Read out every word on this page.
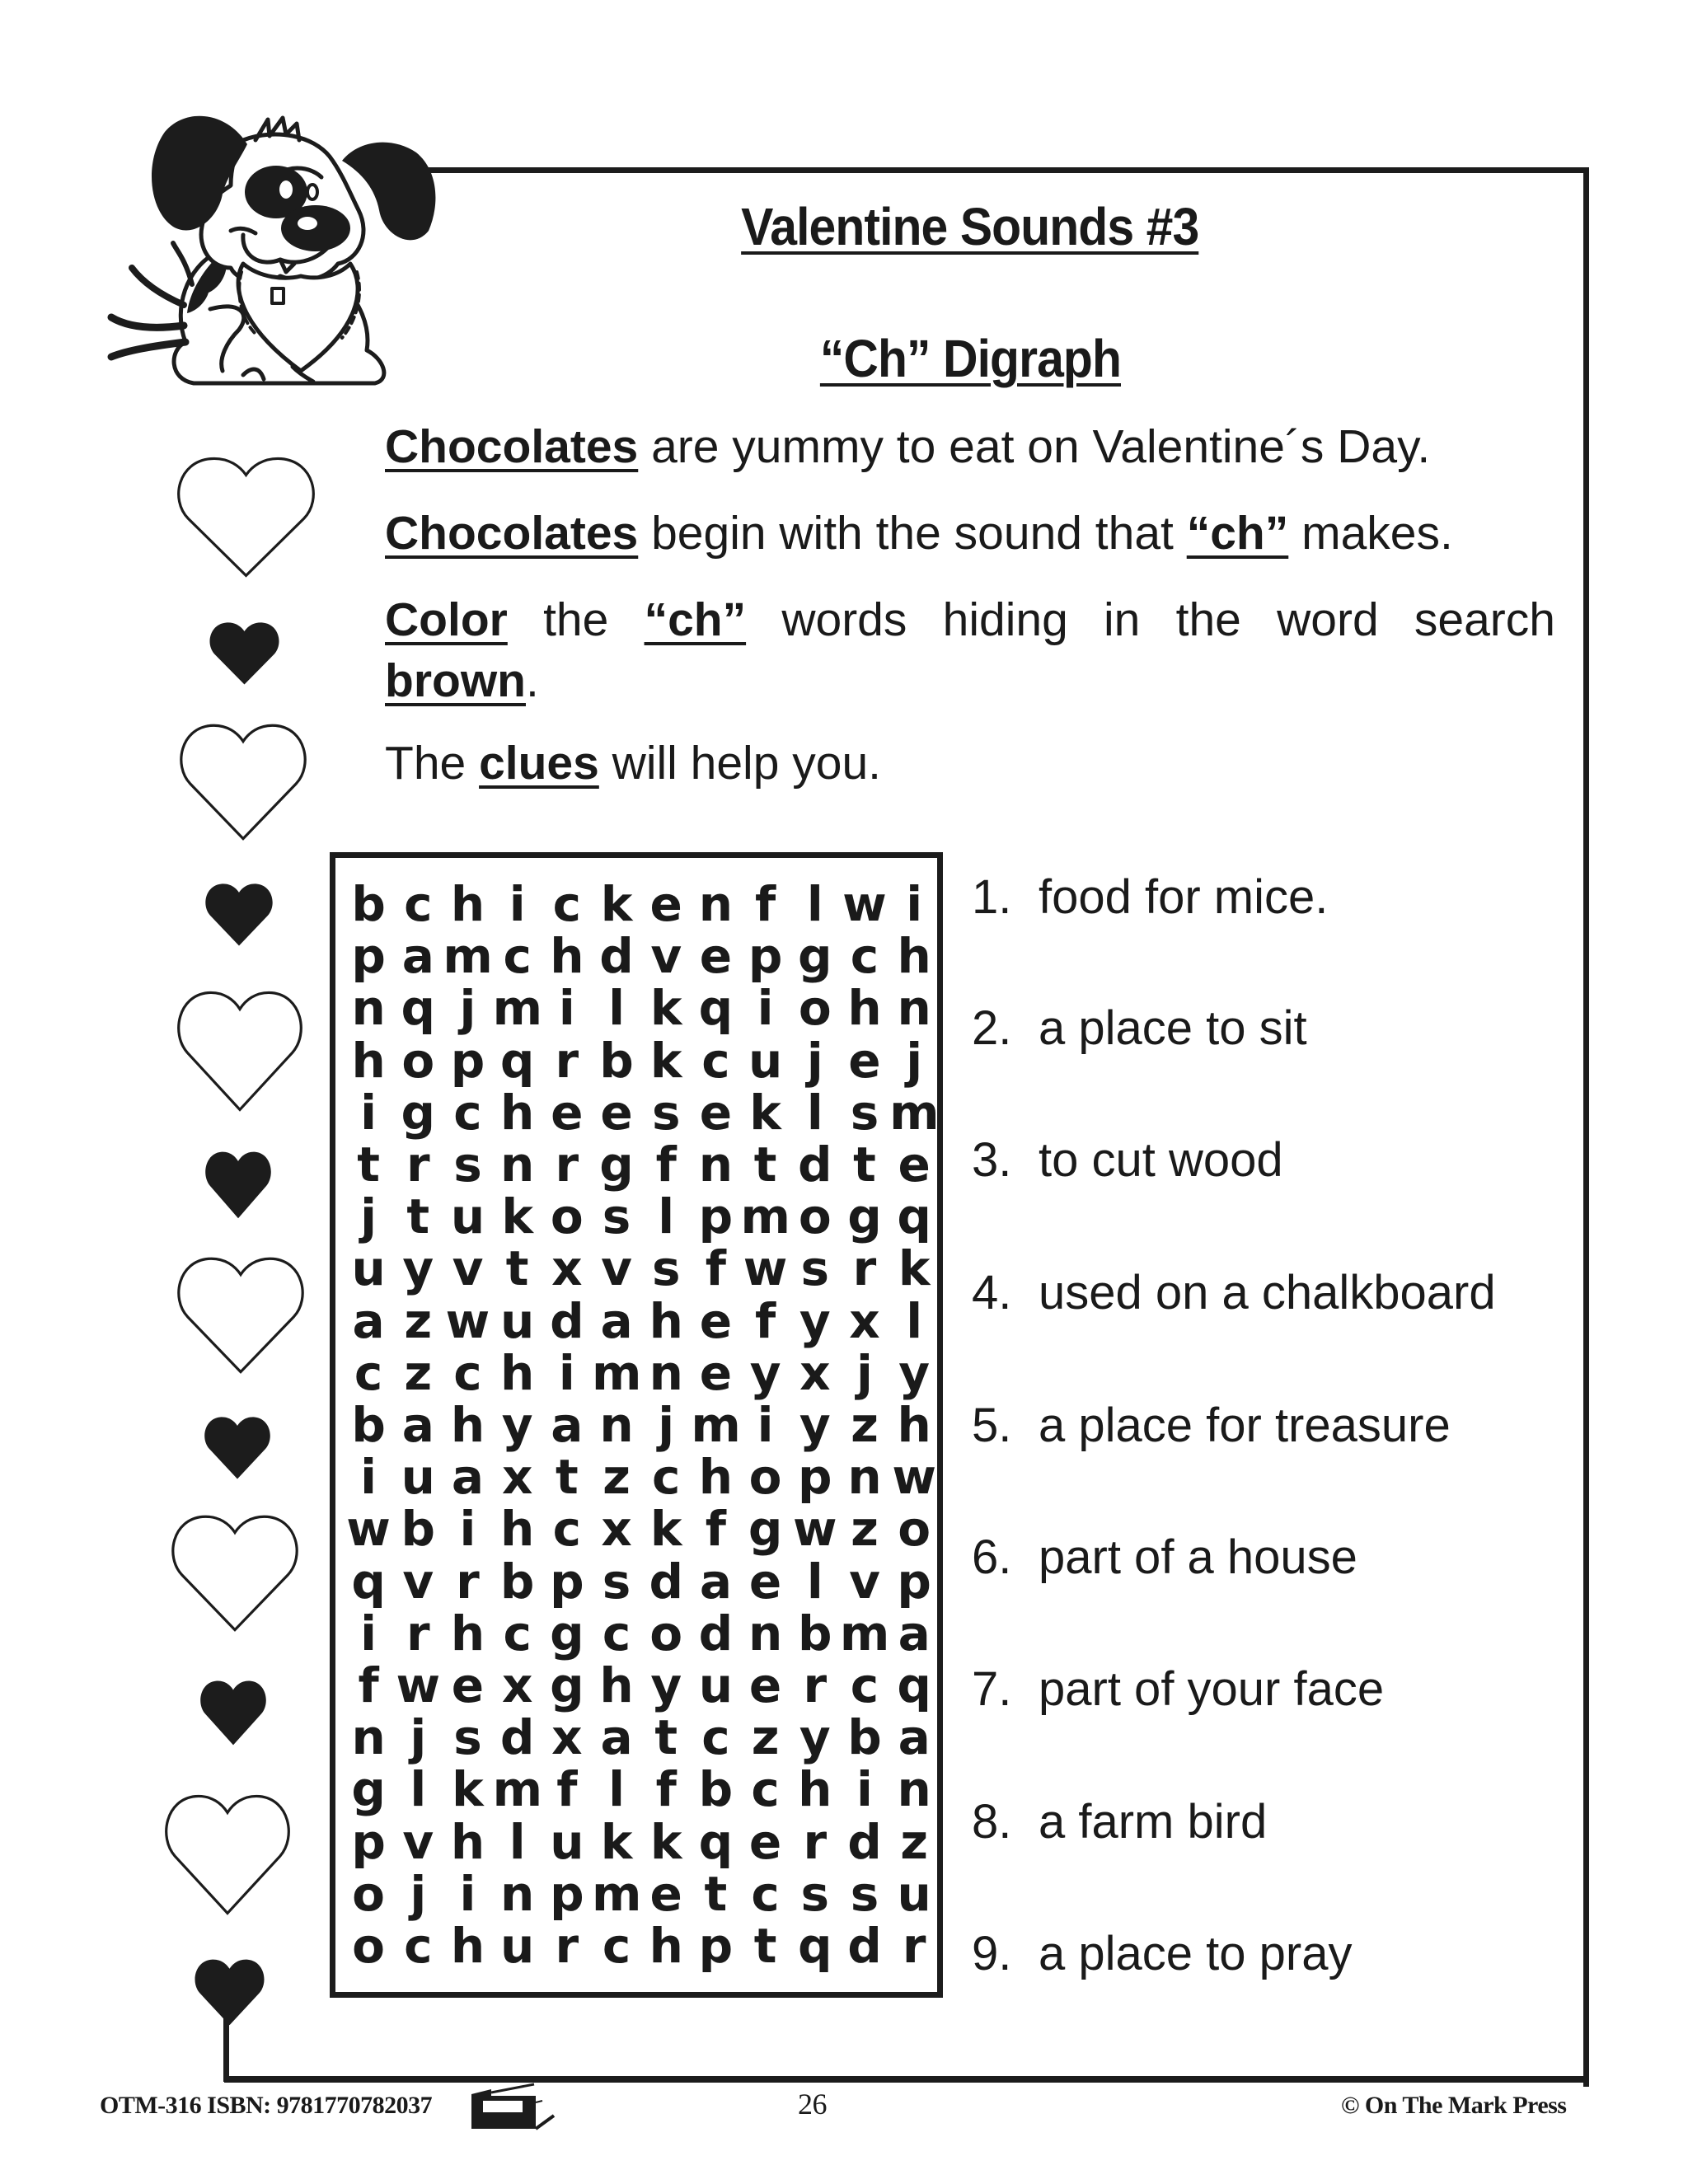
Valentine Sounds #3
“Ch” Digraph
Chocolates are yummy to eat on Valentine´s Day.
Chocolates begin with the sound that “ch” makes.
Color the “ch” words hiding in the word search
brown.
The clues will help you.
b c h i c k e n f l w i
p a m c h d v e p g c h
n q j m i l k q i o h n
h o p q r b k c u j e j
i g c h e e s e k l s m
t r s n r g f n t d t e
j t u k o s l p m o g q
u y v t x v s f w s r k
a z w u d a h e f y x l
c z c h i m n e y x j y
b a h y a n j m i y z h
i u a x t z c h o p n w
w b i h c x k f g w z o
q v r b p s d a e l v p
i r h c g c o d n b m a
f w e x g h y u e r c q
n j s d x a t c z y b a
g l k m f l f b c h i n
p v h l u k k q e r d z
o j i n p m e t c s s u
o c h u r c h p t q d r
1. food for mice.
2. a place to sit
3. to cut wood
4. used on a chalkboard
5. a place for treasure
6. part of a house
7. part of your face
8. a farm bird
9. a place to pray
OTM-316 ISBN: 9781770782037	26	© On The Mark Press
